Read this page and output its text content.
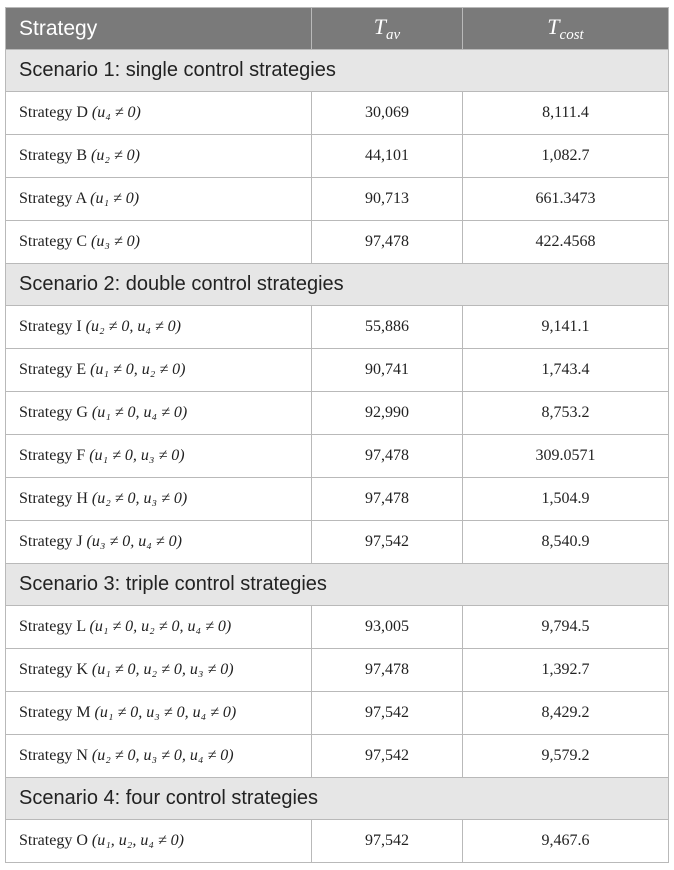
Strategy	$T_{av}$	$T_{cost}$
Scenario 1: single control strategies		
Strategy D (u₄ ≠ 0)	30,069	8,111.4
Strategy B (u₂ ≠ 0)	44,101	1,082.7
Strategy A (u₁ ≠ 0)	90,713	661.3473
Strategy C (u₃ ≠ 0)	97,478	422.4568
Scenario 2: double control strategies		
Strategy I (u₂ ≠ 0, u₄ ≠ 0)	55,886	9,141.1
Strategy E (u₁ ≠ 0, u₂ ≠ 0)	90,741	1,743.4
Strategy G (u₁ ≠ 0, u₄ ≠ 0)	92,990	8,753.2
Strategy F (u₁ ≠ 0, u₃ ≠ 0)	97,478	309.0571
Strategy H (u₂ ≠ 0, u₃ ≠ 0)	97,478	1,504.9
Strategy J (u₃ ≠ 0, u₄ ≠ 0)	97,542	8,540.9
Scenario 3: triple control strategies		
Strategy L (u₁ ≠ 0, u₂ ≠ 0, u₄ ≠ 0)	93,005	9,794.5
Strategy K (u₁ ≠ 0, u₂ ≠ 0, u₃ ≠ 0)	97,478	1,392.7
Strategy M (u₁ ≠ 0, u₃ ≠ 0, u₄ ≠ 0)	97,542	8,429.2
Strategy N (u₂ ≠ 0, u₃ ≠ 0, u₄ ≠ 0)	97,542	9,579.2
Scenario 4: four control strategies		
Strategy O (u₁, u₂, u₄ ≠ 0)	97,542	9,467.6
